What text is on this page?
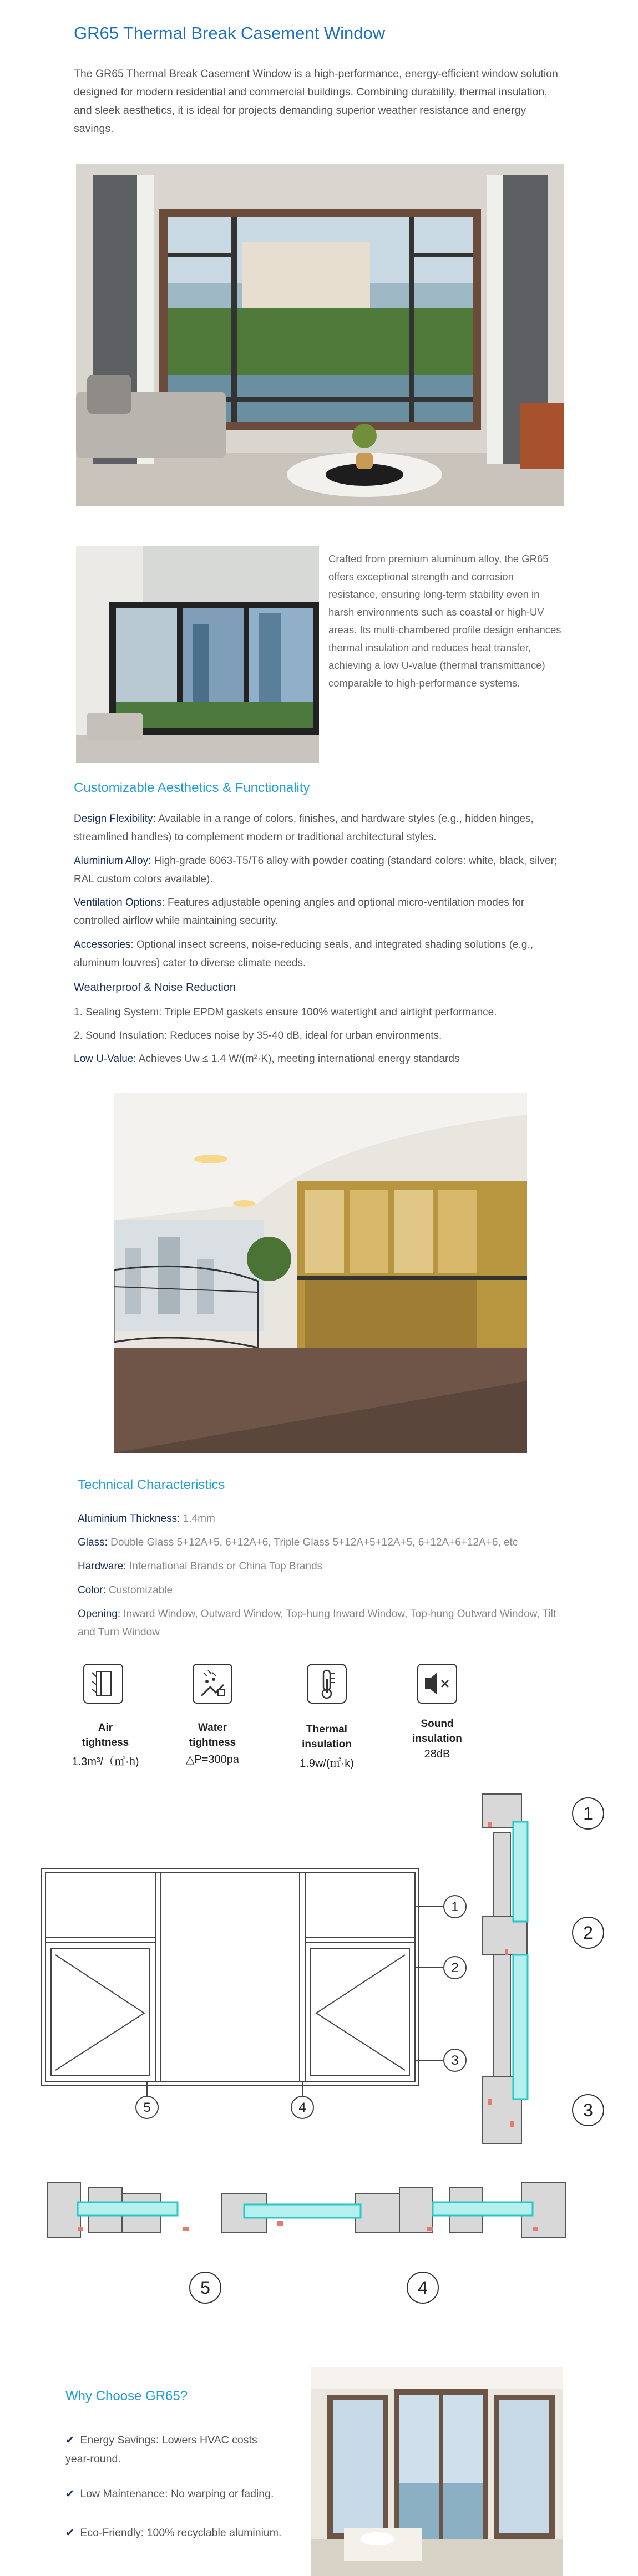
GR65 Thermal Break Casement Window

The GR65 Thermal Break Casement Window is a high-performance, energy-efficient window solution designed for modern residential and commercial buildings. Combining durability, thermal insulation, and sleek aesthetics, it is ideal for projects demanding superior weather resistance and energy savings.

Crafted from premium aluminum alloy, the GR65 offers exceptional strength and corrosion resistance, ensuring long-term stability even in harsh environments such as coastal or high-UV areas. Its multi-chambered profile design enhances thermal insulation and reduces heat transfer, achieving a low U-value (thermal transmittance) comparable to high-performance systems.

Customizable Aesthetics & Functionality

Design Flexibility: Available in a range of colors, finishes, and hardware styles (e.g., hidden hinges, streamlined handles) to complement modern or traditional architectural styles.

Aluminium Alloy: High-grade 6063-T5/T6 alloy with powder coating (standard colors: white, black, silver; RAL custom colors available).

Ventilation Options: Features adjustable opening angles and optional micro-ventilation modes for controlled airflow while maintaining security.

Accessories: Optional insect screens, noise-reducing seals, and integrated shading solutions (e.g., aluminum louvres) cater to diverse climate needs.

Weatherproof & Noise Reduction

1. Sealing System: Triple EPDM gaskets ensure 100% watertight and airtight performance.

2. Sound Insulation: Reduces noise by 35-40 dB, ideal for urban environments.

Low U-Value: Achieves Uw ≤ 1.4 W/(m²·K), meeting international energy standards

Technical Characteristics

Aluminium Thickness: 1.4mm

Glass: Double Glass 5+12A+5, 6+12A+6, Triple Glass 5+12A+5+12A+5, 6+12A+6+12A+6, etc

Hardware: International Brands or China Top Brands

Color: Customizable

Opening: Inward Window, Outward Window, Top-hung Inward Window, Top-hung Outward Window, Tilt and Turn Window

Air
tightness
1.3m³/（㎡·h)
Water
tightness
△P=300pa
Thermal
insulation
1.9w/(㎡·k)
Sound
insulation
28dB
1
2
3
5	4
1
2
3
5	4
Why Choose GR65?
✔ Energy Savings: Lowers HVAC costs year-round.
✔ Low Maintenance: No warping or fading.
✔ Eco-Friendly: 100% recyclable aluminium.
